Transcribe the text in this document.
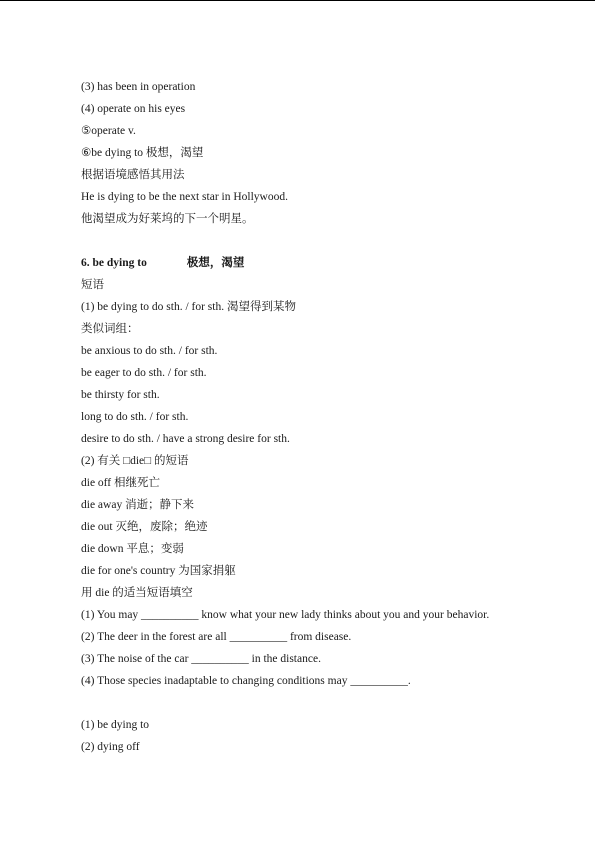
(3) has been in operation
(4) operate on his eyes
⑤operate v.
⑥be dying to 极想，渴望
根据语境感悟其用法
He is dying to be the next star in Hollywood.
他渴望成为好莱坞的下一个明星。
6. be dying to	极想，渴望
短语
(1) be dying to do sth. / for sth. 渴望得到某物
类似词组：
be anxious to do sth. / for sth.
be eager to do sth. / for sth.
be thirsty for sth.
long to do sth. / for sth.
desire to do sth. / have a strong desire for sth.
(2) 有关 □die□ 的短语
die off 相继死亡
die away 消逝；静下来
die out 灭绝，废除；绝迹
die down 平息；变弱
die for one's country 为国家捐躯
用 die 的适当短语填空
(1) You may __________ know what your new lady thinks about you and your behavior.
(2) The deer in the forest are all __________ from disease.
(3) The noise of the car __________ in the distance.
(4) Those species inadaptable to changing conditions may __________.
(1) be dying to
(2) dying off
